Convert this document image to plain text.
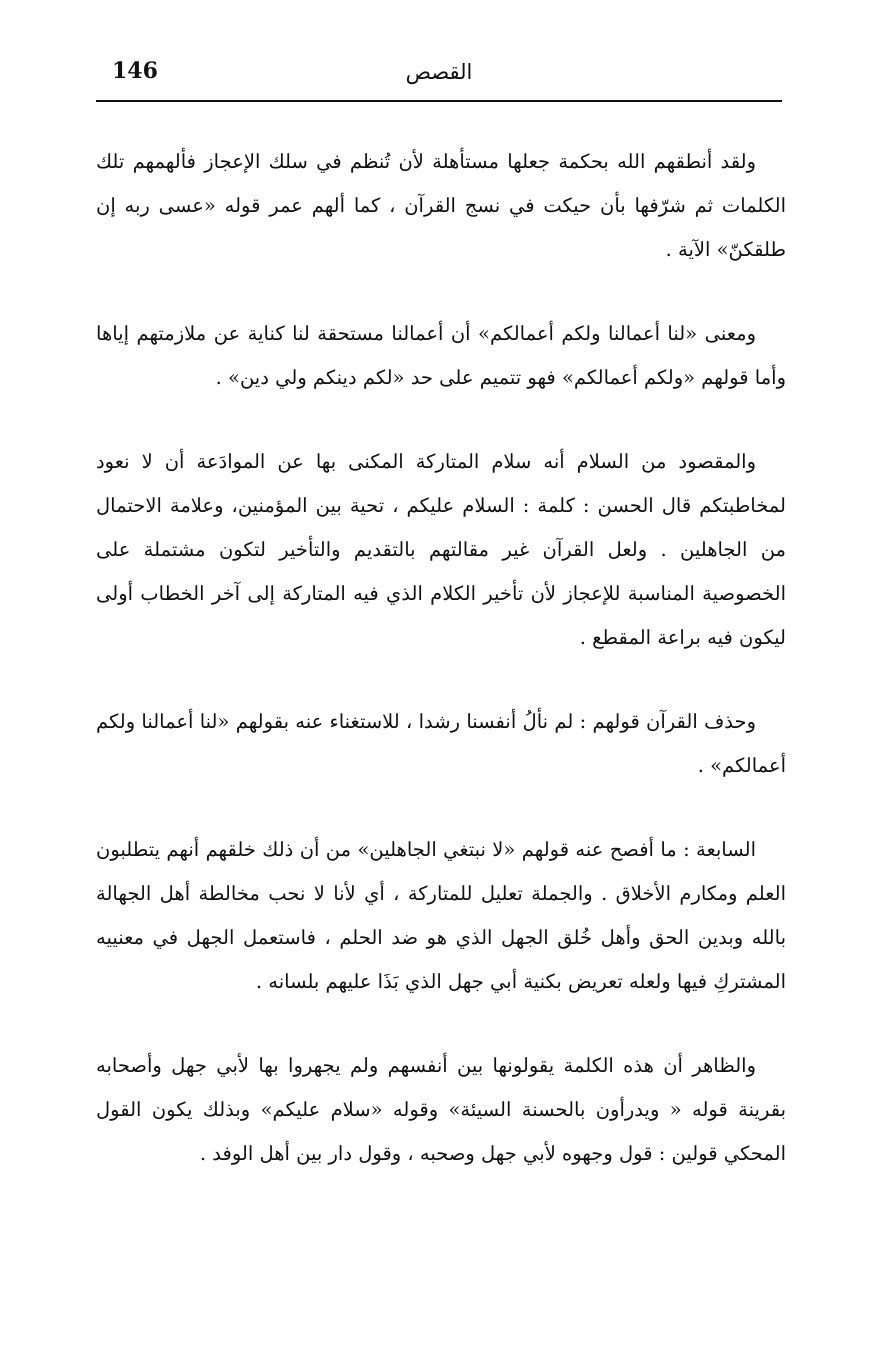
146	القصص

ولقد أنطقهم الله بحكمة جعلها مستأهلة لأن تُنظم في سلك الإعجاز فألهمهم تلك الكلمات ثم شرّفها بأن حيكت في نسج القرآن ، كما ألهم عمر قوله «عسى ربه إن طلقكنّ» الآية .

ومعنى «لنا أعمالنا ولكم أعمالكم» أن أعمالنا مستحقة لنا كناية عن ملازمتهم إياها وأما قولهم «ولكم أعمالكم» فهو تتميم على حد «لكم دينكم ولي دين» .

والمقصود من السلام أنه سلام المتاركة المكنى بها عن الموادَعة أن لا نعود لمخاطبتكم قال الحسن : كلمة : السلام عليكم ، تحية بين المؤمنين، وعلامة الاحتمال من الجاهلين . ولعل القرآن غير مقالتهم بالتقديم والتأخير لتكون مشتملة على الخصوصية المناسبة للإعجاز لأن تأخير الكلام الذي فيه المتاركة إلى آخر الخطاب أولى ليكون فيه براعة المقطع .

وحذف القرآن قولهم : لم نألُ أنفسنا رشدا ، للاستغناء عنه بقولهم «لنا أعمالنا ولكم أعمالكم» .

السابعة : ما أفصح عنه قولهم «لا نبتغي الجاهلين» من أن ذلك خلقهم أنهم يتطلبون العلم ومكارم الأخلاق . والجملة تعليل للمتاركة ، أي لأنا لا نحب مخالطة أهل الجهالة بالله وبدين الحق وأهل خُلق الجهل الذي هو ضد الحلم ، فاستعمل الجهل في معنييه المشتركِ فيها ولعله تعريض بكنية أبي جهل الذي بَذَا عليهم بلسانه .

والظاهر أن هذه الكلمة يقولونها بين أنفسهم ولم يجهروا بها لأبي جهل وأصحابه بقرينة قوله « ويدرأون بالحسنة السيئة» وقوله «سلام عليكم» وبذلك يكون القول المحكي قولين : قول وجهوه لأبي جهل وصحبه ، وقول دار بين أهل الوفد .
